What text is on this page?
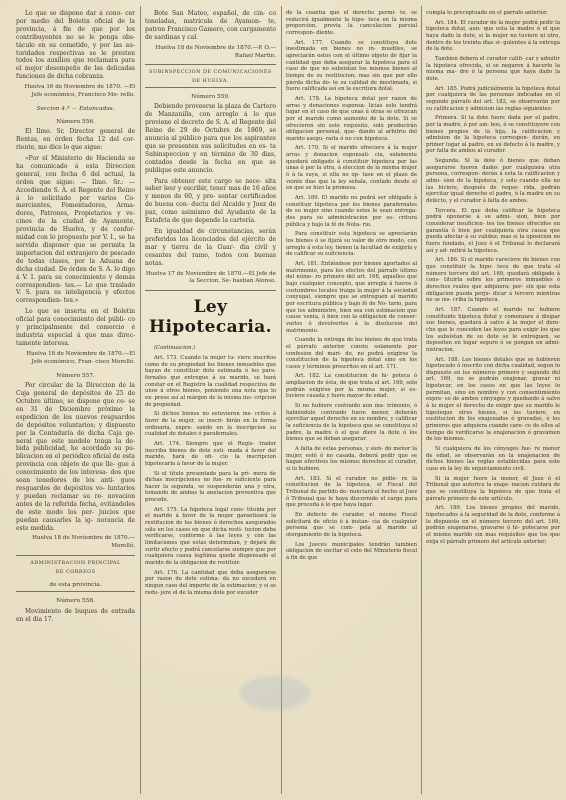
Lo que se dispone dar á cono- cer por medio del Boletin oficial de la provincia, á fin de que por los contribuyentes no se le ponga obs- táculo en su cometido, y por las au- toridades respectivas se le presten todos los auxilios que reclamara para el mejor desempeño de las delicadas funciones de dicha cobranza.

Huelva 16 de Noviembre de 1870. —El Jefe económico, Francisco Mo- rello.

Seccion 4.ª — Estancadas.

Número 556.

El Ilmo. Sr. Director general de Rentas, en órden fecha 12 del cor- riente, me dice lo que sigue:

«Por el Ministerio de Hacienda se ha comunicado á esta Direccion general, con fecha 6 del actual, la órden que sigue: — Ilmo. Sr.: — Accediendo S. A. el Regente del Reino á lo solicitado por varios Co- merciantes, Fomentadores, Arma- dores, Patrones, Propietarios y ve- cinos de la ciudad de Ayamonte, provincia de Huelva, y de confor- midad con lo propuesto por V. I., se ha servido disponer que se permita la importacion del extranjero de pescado de todas clases, por la Aduana de dicha ciudad. De órden de S. A. lo digo á V. I. para su conocimiento y demás correspondien- tes.— Lo que traslado V. S. para su inteligencia y efectos correspondien- tes.»

Lo que se inserta en el Boletin oficial para conocimiento del públi- co y principalmente del comercio é industria especial á que mas direc- tamente interesa.

Huelva 18 de Noviembre de 1870.—El Jefe económico, Fran- cisco Morelló.

Número 557.

Por circular de la Direccion de la Caja general de depósitos de 25 de Octubre último, se dispone que co- se en 31 de Diciembre próximo la espedicion de los nuevos resguardos de depósitos voluntarios; y dispuesto por la Contaduría de dicha Caja ge- neral que este modelo tenga la de- bida publicidad, he acordado su pu- blicacion en el periódico oficial de esta provincia con objeto de que lle- gue á conocimiento de los interesa- dos que sean tenedores de los anti- guos resguardos de depósitos vo- luntarios y puedan reclamar su re- novacion antes de la referida fecha, evitándoles de este modo los per- juicios que puedan causarles la ig- norancia de este medida.

Huelva 18 de Noviembre de 1870.—Morelló.

ADMINISTRACION PRINCIPAL

DE CORREOS

de esta provincia.

Número 558.

Movimiento de buques de entrada en el dia 17.

Bote San Mateo, español, de cin- co toneladas, matrícula de Ayamon- te, patron Francisco Gamero, con cargamento de sardinas y cal.

Huelva 18 de Noviembre de 1870.—P. O.—Rafael Martin.

SUBINSPECCION DE COMUNICACIONES

DE HUELVA.

Número 559.

Debiendo proveerse la plaza de Cartero de Manzanilla, con arreglo á lo que previene el decreto de S. A. el Regente del Reino de 29 de Octubre de 1869, se anuncia al público para que los aspirantes que se presenten sus solicitudes en es- ta Subinspeccion y en término de 30 dias, contados desde la fecha en que se publique este anuncio.

Para obtener este cargo se nece- sita saber leer y escribir, tener mas de 16 años y menos de 60, y pre- sentar certificados de buena con- ducta del Alcalde y Juez de paz, como asimismo del Ayudante de la Estafeta de que depende la cartería.

En igualdad de circunstancias, serán preferidos los licenciados del ejército de mar y tierra de la Guar- dia civil y cesantes del ramo, todos con buenas notas.

Huelva 17 de Noviembre de 1870.—El Jefe de la Seccion, Se- bastian Alonso.

Ley Hipotecaria.

(Continuacion.)

Art. 173. Cuando la mujer tu- viere inscritos como de su propiedad los bienes inmuebles que hayan de constituir dote estimada ó los para- fernales que entregue á su marido, se hará constar en el Registro la cualidad respectiva de unos ú otros bienes, poniendo una nota que lo ex- prese así al márgen de la misma ins- cripcion de propiedad.

Si dichos bienes no estuvieren ins- critos á favor de la mujer, se inscri- birán en la forma ordinaria, expre- sando en la inscripcion su cualidad de dotales ó parafernales.

Art. 174. Siempre que el Regis- trador inscriba bienes de dote esti- mada á favor del marido, hará de ofi- cio la inscripcion hipotecaria á favor de la mujer.

Si el título presentado para la pri- mera de dichas inscripciones no fue- re suficiente para hacer la segunda, se suspenderán una y otra, tomando de ambas la anotacion preventiva que procede.

Art. 175. La hipoteca legal cons- tituida por el marido á favor de la mujer garantizará la restitucion de los bienes ó derechos asegurados sólo en los casos en que dicha resti- tucion deba verificarse, conforme á las leyes y con las limitaciones que estas determinan, y dejará de surtir efecto y podrá cancelarse siempre que por cualquiera causa legítima quede dispensado el marido de la obligacion de restituir.

Art. 176. La cantidad que deba asegurarse por razon de dote estima- da no excederá en ningun caso del importe de la estimacion; y si se redu- jere el de la misma dote por exceder

de la cuantía que el derecho permi- te, se reducirá igualmente la hipo- teca en la misma proporcion, previa la cancelacion parcial correspon- diente.

Art. 177. Cuando se constituya dote inestimada en bienes no in- muebles, se apreciarán estos con el último objeto de fijar la cantidad que deba asegurar la hipoteca para el caso de que no subsistan los mismos bienes al tiempo de su restitucion; mas sin que por ello pierda dicha do- te su calidad de inestimada, si fuere calificada así en la escritura dotal.

Art. 178. La hipoteca dotal por razon de arras y donaciones esponsa- licias solo tendrá lugar en el caso de que unas ú otras se ofrezcan por el marido como aumento de la dote. Si se ofrecieren sin este requisito, solo producirán obligacion personal, que- dando al arbitrio del marido asegu- rarla ó no con hipoteca.

Art. 179. Si el marido ofreciere á la mujer arras y donacion esponsali- cia, solamente quedará obligado á constituir hipoteca por las unas ó por la otra, á eleccion de la misma mujer ó á la suya, si ella no op- tase en el plazo de veinte dias que la ley señala, contado desde el en que se hizo la promesa.

Art. 180. El marido no podrá ser obligado á constituir hipoteca por los bienes parafernales de su mujer sino cuando estos le sean entrega- dos para su administracion por es- critura pública y bajo la fé de Nota- rio.

Para constituir esta hipoteca se apreciarán los bienes ó se fijará su valor de otro modo, con arreglo á esta ley, tienen la facultad de exigirla y de calificar su suficiencia.

Art. 181. Entiéndese por bienes aportados al matrimonio, para los efectos del párrafo último del núme- ro primero del art. 168, aquellos que bajo cualquier concepto, que arregla á fueros ó costumbres locales traiga la mujer á la sociedad conyugal, siempre que se entreguen al marido por escritura pública y bajo fé de No- tario, para que los administre, bien sea con estimacion que cause venta, ó bien con la obligacion de conser- varlos ó devolverlos á la disolucion del matrimonio.

Cuando la entrega de los bienes de que trata el párrafo anterior conste solamente por confesion del mari- do, no podrá exigirse la constitucion de la hipoteca dotal sino en los casos y términos prescritos en el art. 171.

Art. 182. La constitucion de hi- poteca ó ampliacion de ésta, de que trata el art. 169, solo podrán exigirse por la misma mujer, si es- tuviere casada y fuere mayor de edad.

Si no hubiere contraido aun ma- trimonio, ó habiéndolo contraido fuere menor, deberán ejercitar aquel derecho en su nombre, y calificar la suficiencia de la hipoteca que se constituya el padre, la madre ó el que diere la dote ó los bienes que se deban asegurar.

A falta de estas personas, y sien- do menor la mujer, esté ó no casada, deberá pedir que se hagan efectivos los mismos derechos el curador, si lo hubiere.

Art. 183. Si el curador no pidie- re la constitucion de la hipoteca, el Fiscal del Tribunal de partido de- nunciará el hecho al Juez ó Tribunal que le haya discernido el cargo para que proceda á lo que haya lugar.

En defecto de curador, el mismo Fiscal solicitará de oficio ó á instan- cia de cualquier persona que se com- pela al marido al otorgamiento de la hipoteca.

Los Jueces municipales tendrán tambien obligacion de excitar el celo del Ministerio fiscal á fin de que

cumpla lo preceptuado en el párrafo anterior.

Art. 184. El curador de la mujer podrá pedir la hipoteca dotal, aun- que esta la madre ó el que haya dado la dote, si la mujer no tuviere ni otro, dentro de los treinta dias si- guientes á la entrega de la dote.

Tambien deberá el curador califi- car y admitir la hipoteca ofrecida, si se negaren á hacerlo la misma ma- dre ó la persona que haya dado la dote.

Art. 185. Podrá judicialmente la hipoteca dotal por cualquiera de las personas indicadas en el segundo párrafo del art. 182, se observarán por su calificacion y admision las reglas siguientes:

Primera. Si la dote fuere dada por el padre, por la madre, ó por am- bos, ó se constituyere con bienes propios de la hija, la calificacion y admision de la hipoteca correspon- derán, en primer lugar al padre, en su defecto á la madre, y por falta de ambos al curador.

Segunda. Si la dote ó bienes que deban asegurarse fueren dados por cualquiera otra persona, correspon- derán á esta la calificacion y admi- sion de la hipoteca, y solo cuando ella no las hiciere, después de reque- rida, podrán ejercitar igual derecho el padre, ó la madre en su defecto, y el curador á falta de ambos.

Tercera. El que deba calificar la hipoteca podrá oponerse á su admi- sion, bien por considerar insuficien- tes los bienes ofrecidos en garantía ó bien por cualquiera otra causa que pueda afectar á su validez; mas si la oposicion no fuere fundada, el Juez ó el Tribunal lo declarará así y ad- mitirá la hipoteca.

Art. 186. Si el marido careciere de bienes con que constituir la hipo- teca de que trata el número tercero del art. 169, quedará obligado á cons- tituirla sobre los primeros inmuebles ó derechos reales que adquiera; per- sin que esta obligacion pueda perju- dicar á tercero mientras no se ins- criba la hipoteca.

Art. 187. Cuando el marido no hubiere constituido hipoteca dotal y comenzare á disipar sus bienes, quedará á salvo á la mujer el dere- cho que le conceden las leyes para exigir los que los subsistan de su dote se le entreguen, se depositen en lugar seguro ó se pongan en admi- nistracion.

Art. 188. Los bienes dotales que se hubieren hipotecado ó inscrito con dicha cualidad, segun lo dispuesto en los números primero y segundo del art. 169, no se podrán enajenar, gravar ni hipotecar, en los casos en que las leyes lo permitan, sino en nombre y con consentimiento expre- so de ambos cónyuges y quedando á salvo á la mujer el derecho de exigir que su marido le hipoteque otros bienes, si los tuviere, en sustitucion de los enajenados ó gravados, ó los primeros que adquiera cuando care- ce de ellos al tiempo de verificarse la enajenacion ó gravamen de los mismos.

Si cualquiera de los cónyuges fue- re menor de edad, se observarán en la enajenacion de dichos bienes las reglas establecidas para este caso en la ley de enjuiciamiento civil.

Si la mujer fuere la menor, el Juez ó el Tribunal que autorice la enaje- nacion cuidará de que se constituya la hipoteca de que trata el párrafo primero de este artículo.

Art. 189. Los bienes propios del marido, hipotecados á la seguridad de la dote, conforme á lo dispuesto en el número tercero del art. 169, podrán enajenarse, gravarse ó hi- potecarse por el mismo marido sin mas requisitos que los que exija el párrafo primero del artículo anterior;
